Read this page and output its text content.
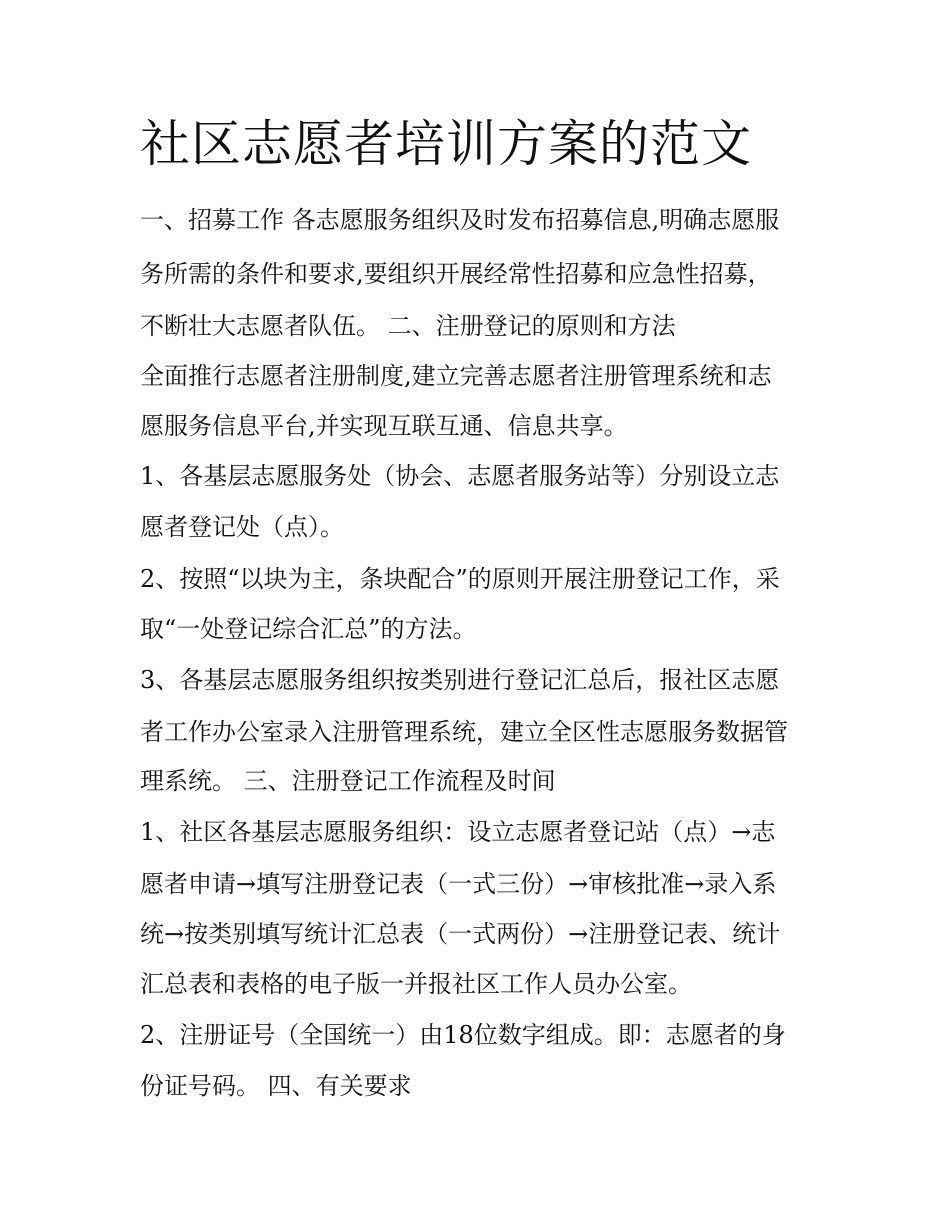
社区志愿者培训方案的范文

一、招募工作 各志愿服务组织及时发布招募信息,明确志愿服

务所需的条件和要求,要组织开展经常性招募和应急性招募，

不断壮大志愿者队伍。 二、注册登记的原则和方法

全面推行志愿者注册制度,建立完善志愿者注册管理系统和志

愿服务信息平台,并实现互联互通、信息共享。

1、各基层志愿服务处（协会、志愿者服务站等）分别设立志

愿者登记处（点）。

2、按照“以块为主，条块配合”的原则开展注册登记工作，采

取“一处登记综合汇总”的方法。

3、各基层志愿服务组织按类别进行登记汇总后，报社区志愿

者工作办公室录入注册管理系统，建立全区性志愿服务数据管

理系统。 三、注册登记工作流程及时间

1、社区各基层志愿服务组织：设立志愿者登记站（点）→志

愿者申请→填写注册登记表（一式三份）→审核批准→录入系

统→按类别填写统计汇总表（一式两份）→注册登记表、统计

汇总表和表格的电子版一并报社区工作人员办公室。

2、注册证号（全国统一）由18位数字组成。即：志愿者的身

份证号码。 四、有关要求
